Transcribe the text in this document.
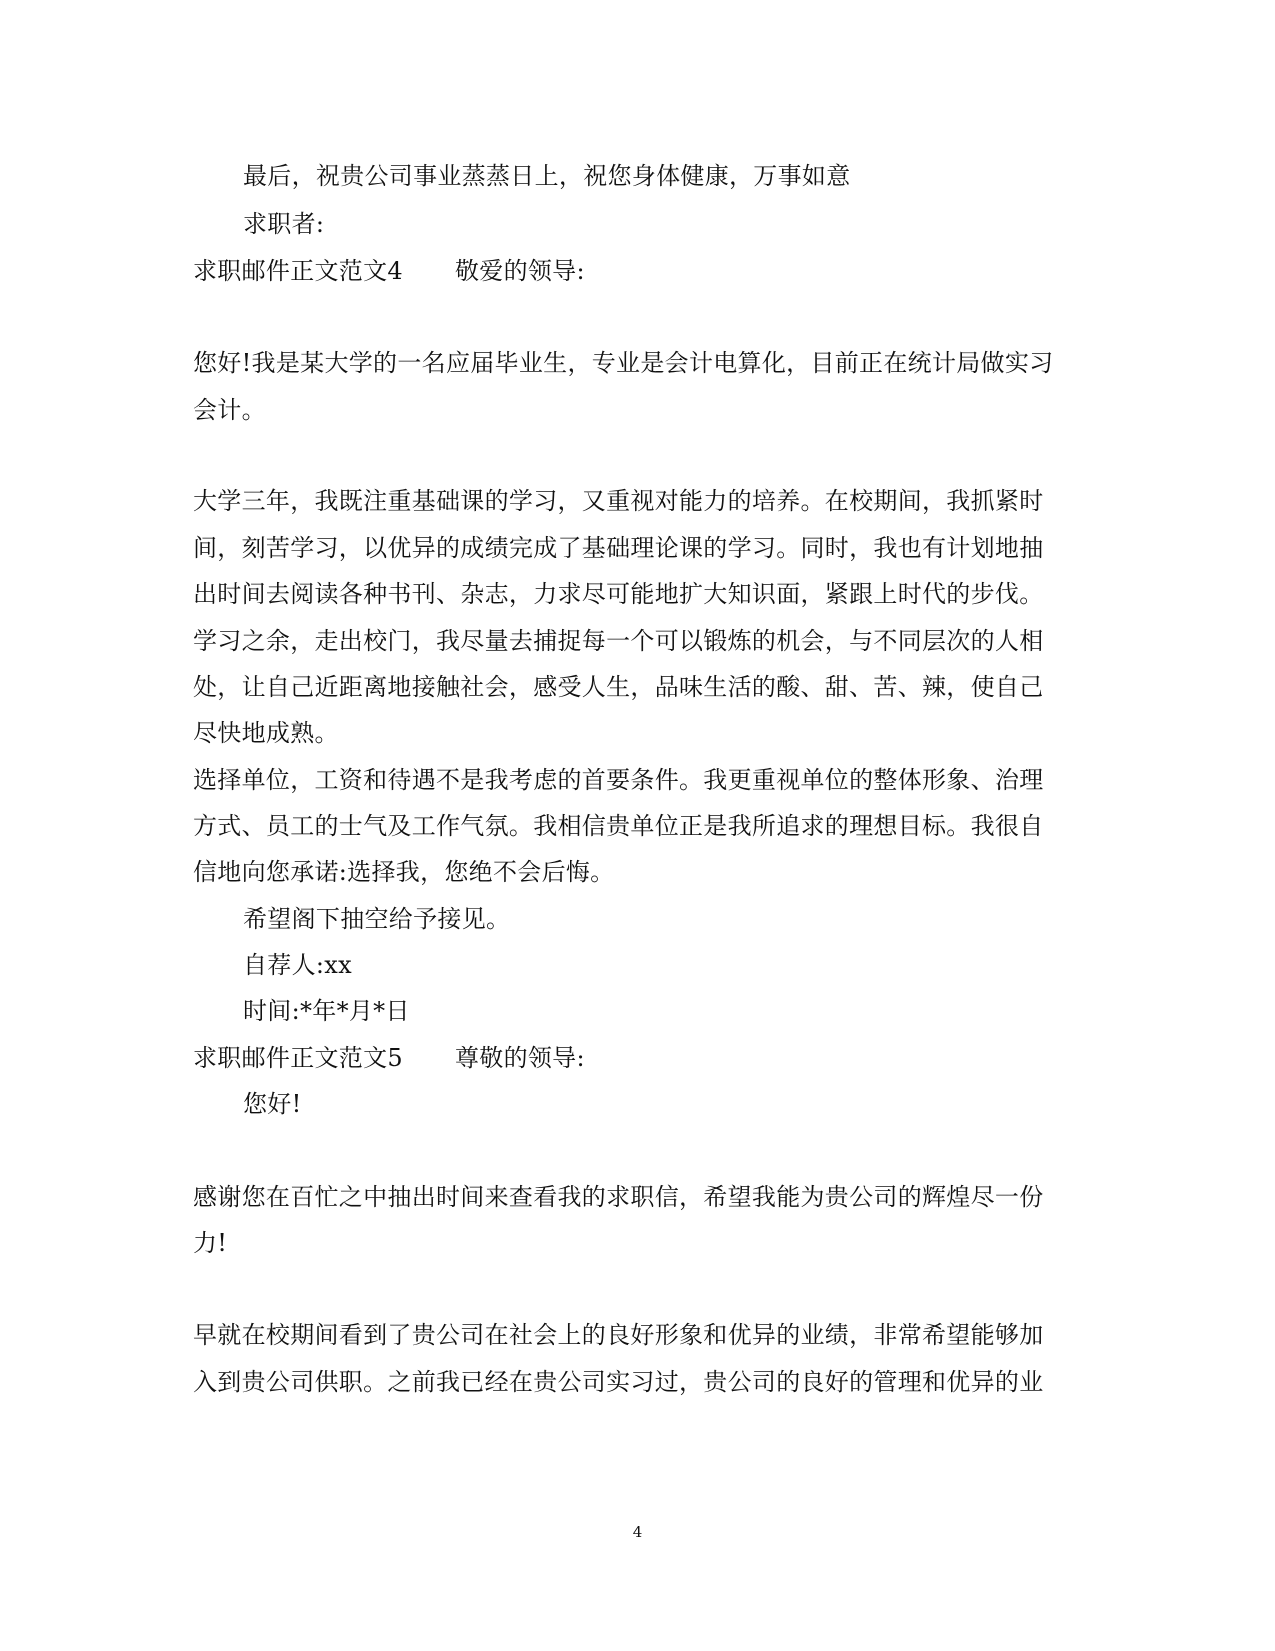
最后，祝贵公司事业蒸蒸日上，祝您身体健康，万事如意
求职者:
求职邮件正文范文4 敬爱的领导:
您好!我是某大学的一名应届毕业生，专业是会计电算化，目前正在统计局做实习
会计。
大学三年，我既注重基础课的学习，又重视对能力的培养。在校期间，我抓紧时
间，刻苦学习，以优异的成绩完成了基础理论课的学习。同时，我也有计划地抽
出时间去阅读各种书刊、杂志，力求尽可能地扩大知识面，紧跟上时代的步伐。
学习之余，走出校门，我尽量去捕捉每一个可以锻炼的机会，与不同层次的人相
处，让自己近距离地接触社会，感受人生，品味生活的酸、甜、苦、辣，使自己
尽快地成熟。
选择单位，工资和待遇不是我考虑的首要条件。我更重视单位的整体形象、治理
方式、员工的士气及工作气氛。我相信贵单位正是我所追求的理想目标。我很自
信地向您承诺:选择我，您绝不会后悔。
希望阁下抽空给予接见。
自荐人:xx
时间:*年*月*日
求职邮件正文范文5 尊敬的领导:
您好!
感谢您在百忙之中抽出时间来查看我的求职信，希望我能为贵公司的辉煌尽一份
力!
早就在校期间看到了贵公司在社会上的良好形象和优异的业绩，非常希望能够加
入到贵公司供职。之前我已经在贵公司实习过，贵公司的良好的管理和优异的业
4
